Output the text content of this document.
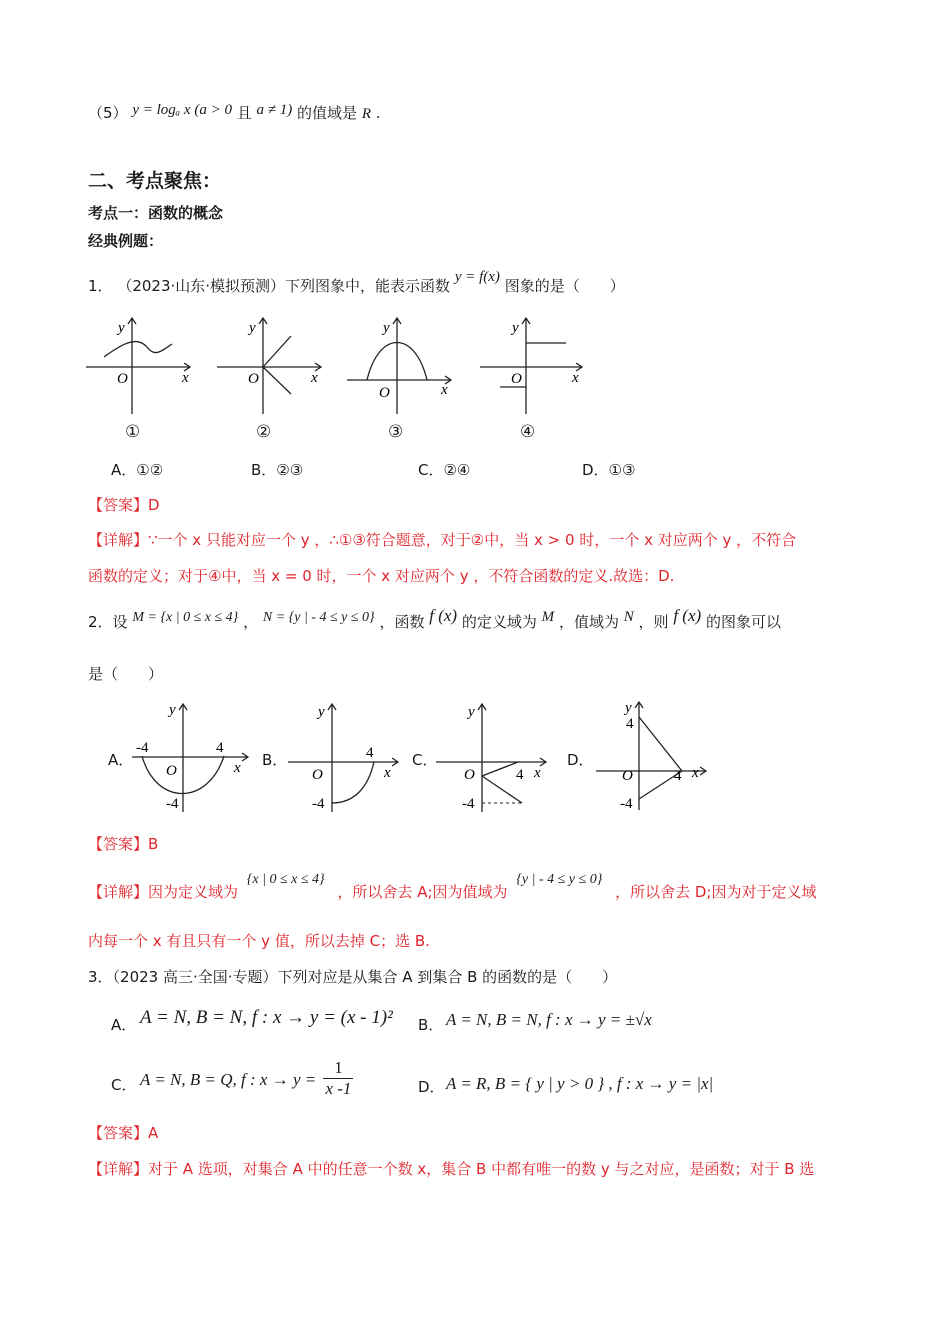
（5） y = logₐ x (a > 0 且 a ≠ 1) 的值域是 R .
二、考点聚焦：
考点一：函数的概念
经典例题：
1． （2023·山东·模拟预测）下列图象中，能表示函数 y = f(x) 图象的是（　　）
y
x
O
①
y
x
O
②
y
x
O
③
y
x
O
④
A．①②	B．②③	C．②④	D．①③
【答案】D
【详解】∵一个 x 只能对应一个 y ，∴①③符合题意，对于②中，当 x > 0 时，一个 x 对应两个 y ，不符合
函数的定义；对于④中，当 x = 0 时，一个 x 对应两个 y ，不符合函数的定义.故选：D.
2．设 M = {x | 0 ≤ x ≤ 4} ， N = {y | - 4 ≤ y ≤ 0} ，函数 f (x) 的定义域为 M ，值域为 N ，则 f (x) 的图象可以
是（　　）
A．
y
x
O
-4	4
-4
B．
y
x
O
4
-4
C．
y
x
O	4
-4
D．
y
x
O
4
4
-4
【答案】B
【详解】因为定义域为 {x | 0 ≤ x ≤ 4} ，所以舍去 A;因为值域为 {y | - 4 ≤ y ≤ 0} ，所以舍去 D;因为对于定义域
内每一个 x 有且只有一个 y 值，所以去掉 C；选 B.
3．（2023 高三·全国·专题）下列对应是从集合 A 到集合 B 的函数的是（　　）
A． A = N, B = N, f : x → y = (x - 1)² B． A = N, B = N, f : x → y = ±√x
C． A = N, B = Q, f : $x \to y = \frac{1}{x -1}$	D． A = R, B = { y | y > 0 } , f : x → y = |x|
【答案】A
【详解】对于 A 选项，对集合 A 中的任意一个数 x，集合 B 中都有唯一的数 y 与之对应，是函数；对于 B 选
